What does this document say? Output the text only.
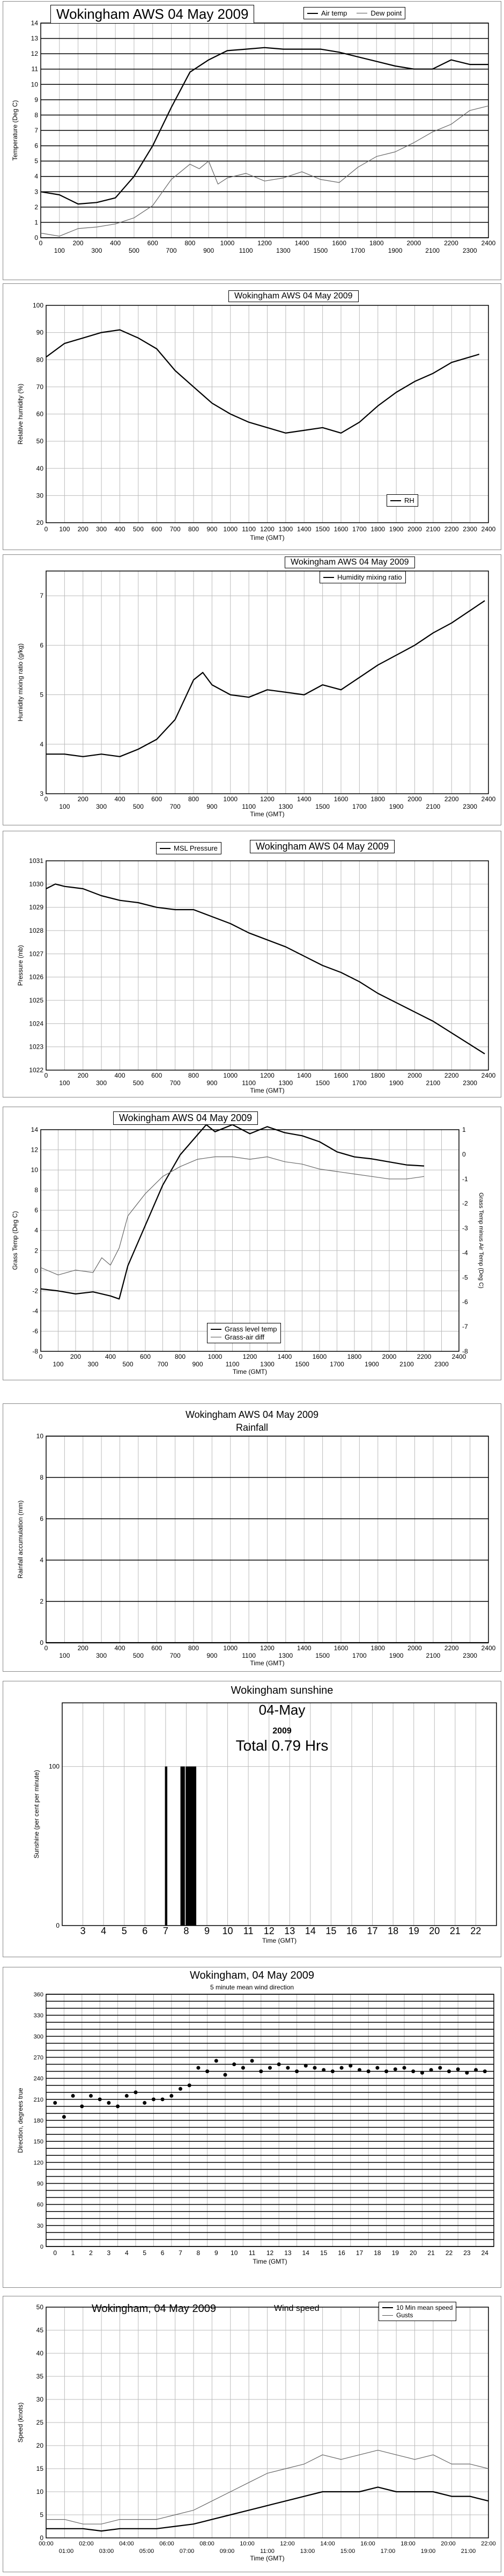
0
1
2
3
4
5
6
7
8
9
10
11
12
13
14
0	200	400	600	800	1000	1200	1400	1600	1800	2000	2200	2400
100	300	500	700	900	1100	1300	1500	1700	1900	2100	2300
Temperature (Deg C)
Wokingham AWS 04 May 2009	Air temp	Dew point
20
30
40
50
60
70
80
90
100
0 100 200 300 400 500 600 700 800 900 1000 1100 1200 1300 1400 1500 1600 1700 1800 1900 2000 2100 2200 2300 2400
Time (GMT)
Relative humidity (%)
Wokingham AWS 04 May 2009
RH
3
4
5
6
7
0	200	400	600	800	1000	1200	1400	1600	1800	2000	2200	2400
100	300	500	700	900	1100	1300	1500	1700	1900	2100	2300
Time (GMT)
Humidity mixing ratio (g/kg)
Wokingham AWS 04 May 2009
Humidity mixing ratio
1022
1023
1024
1025
1026
1027
1028
1029
1030
1031
0	200	400	600	800	1000	1200	1400	1600	1800	2000	2200	2400
100	300	500	700	900	1100	1300	1500	1700	1900	2100	2300
Time (GMT)
Pressure (mb)
MSL Pressure	Wokingham AWS 04 May 2009
-8
-6
-4
-2
0
2
4
6
8
10
12
14
-8
-7
-6
-5
-4
-3
-2
-1
0
1
Grass Temp minus Air Temp (Deg C)
0	200	400	600	800	1000	1200	1400	1600	1800	2000	2200	2400
100	300	500	700	900	1100	1300	1500	1700	1900	2100	2300
Time (GMT)
Grass Temp (Deg C)
Wokingham AWS 04 May 2009
Grass level temp
Grass-air diff
0
2
4
6
8
10
0	200	400	600	800	1000	1200	1400	1600	1800	2000	2200	2400
100	300	500	700	900	1100	1300	1500	1700	1900	2100	2300
Time (GMT)
Rainfall accumulation (mm)
Wokingham AWS 04 May 2009
Rainfall
0
100
3 4 5 6 7 8 9 10 11 12 13 14 15 16 17 18 19 20 21 22
Time (GMT)
Sunshine (per cent per minute)
Wokingham sunshine
04-May
2009
Total 0.79 Hrs
0
30
60
90
120
150
180
210
240
270
300
330
360
0 1 2 3 4 5 6 7 8 9 10 11 12 13 14 15 16 17 18 19 20 21 22 23 24
Time (GMT)
Direction, degrees true
Wokingham, 04 May 2009
5 minute mean wind direction
0
5
10
15
20
25
30
35
40
45
50
00:00	02:00	04:00	06:00	08:00	10:00	12:00	14:00	16:00	18:00	20:00	22:00
01:00	03:00	05:00	07:00	09:00	11:00	13:00	15:00	17:00	19:00	21:00
Time (GMT)
Speed (knots)
Wokingham, 04 May 2009	Wind speed	10 Min mean speed
Gusts
